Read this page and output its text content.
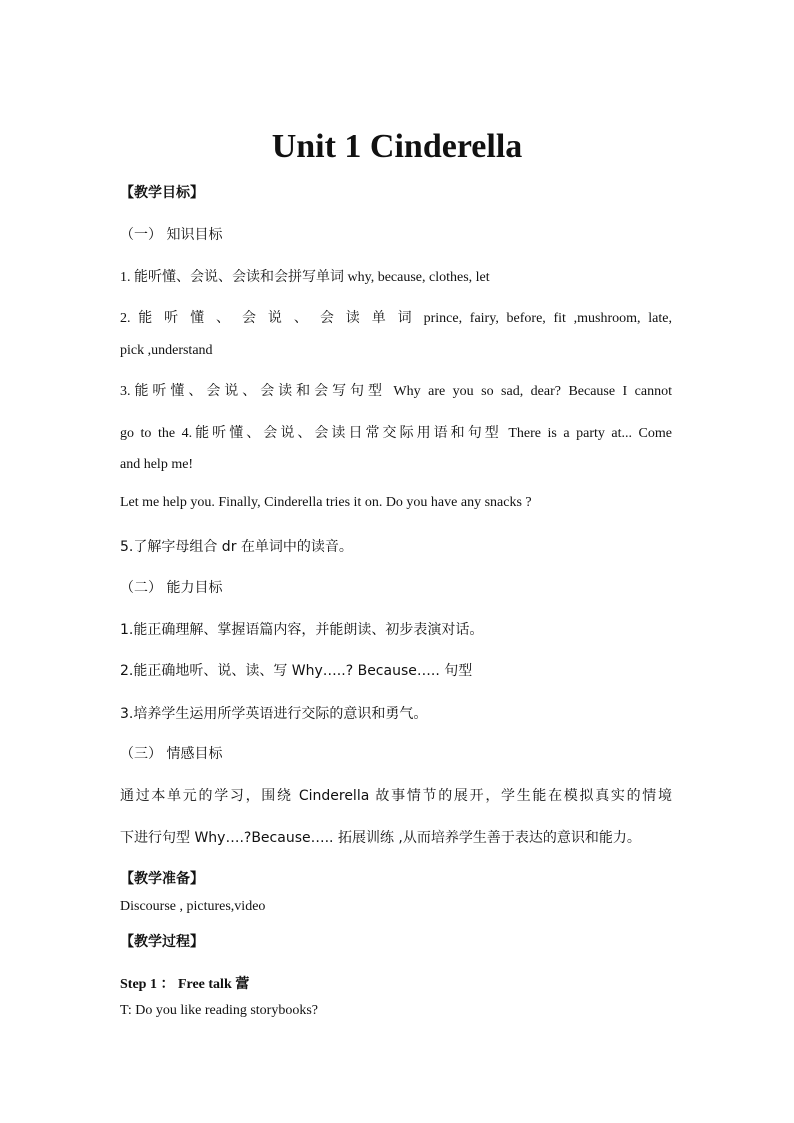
Unit 1 Cinderella
【教学目标】
（一） 知识目标
1. 能听懂、会说、会读和会拼写单词 why, because, clothes, let
2. 能 听 懂 、 会 说 、 会 读 单 词 prince, fairy, before, fit ,mushroom, late,
pick ,understand
3.能听懂、会说、会读和会写句型 Why are you so sad, dear? Because I cannot
go to the 4.能听懂、会说、会读日常交际用语和句型 There is a party at... Come
and help me!
Let me help you. Finally, Cinderella tries it on. Do you have any snacks ?
5.了解字母组合 dr 在单词中的读音。
（二） 能力目标
1.能正确理解、掌握语篇内容，并能朗读、初步表演对话。
2.能正确地听、说、读、写 Why…..? Because….. 句型
3.培养学生运用所学英语进行交际的意识和勇气。
（三） 情感目标
通过本单元的学习，围绕 Cinderella 故事情节的展开，学生能在模拟真实的情境
下进行句型 Why….?Because….. 拓展训练 ,从而培养学生善于表达的意识和能力。
【教学准备】
Discourse , pictures,video
【教学过程】
Step 1 ： Free talk 䔰
T: Do you like reading storybooks?
